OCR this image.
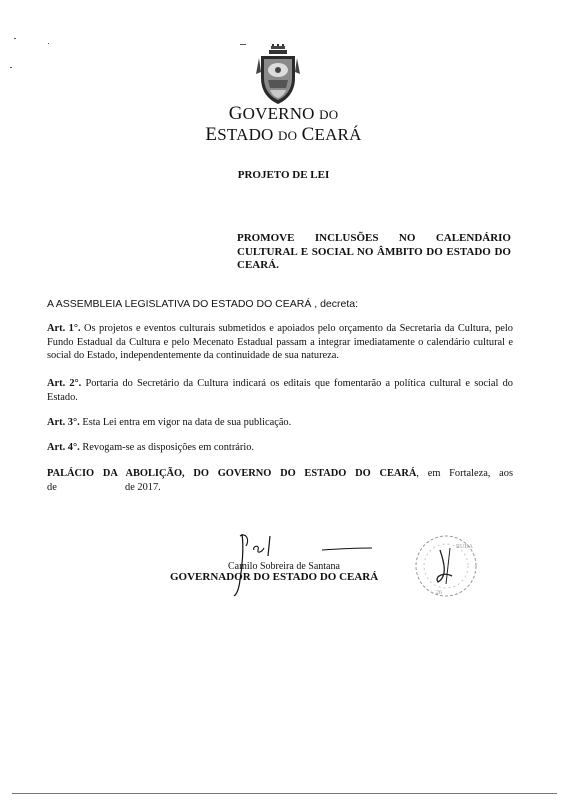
GOVERNO DO
ESTADO DO CEARÁ
PROJETO DE LEI
PROMOVE INCLUSÕES NO CALENDÁRIO
CULTURAL E SOCIAL NO ÂMBITO DO ESTADO DO CEARÁ.
A ASSEMBLEIA LEGISLATIVA DO ESTADO DO CEARÁ , decreta:
Art. 1°. Os projetos e eventos culturais submetidos e apoiados pelo orçamento da Secretaria da Cultura, pelo Fundo Estadual da Cultura e pelo Mecenato Estadual passam a integrar imediatamente o calendário cultural e social do Estado, independentemente da continuidade de sua natureza.
Art. 2°. Portaria do Secretário da Cultura indicará os editais que fomentarão a política cultural e social do Estado.
Art. 3°. Esta Lei entra em vigor na data de sua publicação.
Art. 4°. Revogam-se as disposições em contrário.
PALÁCIO DA ABOLIÇÃO, DO GOVERNO DO ESTADO DO CEARÁ, em Fortaleza, aos
de	de 2017.
RUDA
26
Camilo Sobreira de Santana
GOVERNADOR DO ESTADO DO CEARÁ
